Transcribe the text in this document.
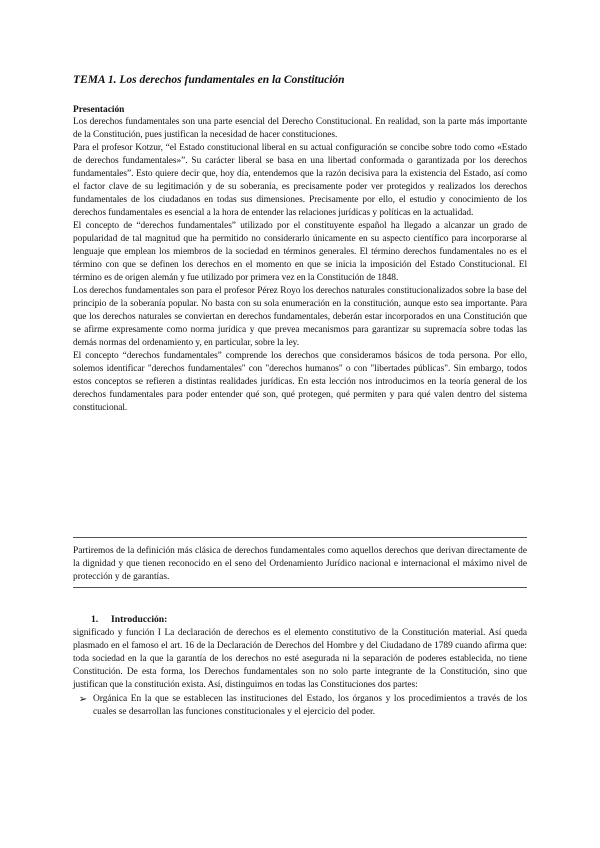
TEMA 1. Los derechos fundamentales en la Constitución
Presentación

Los derechos fundamentales son una parte esencial del Derecho Constitucional. En realidad, son la parte más importante de la Constitución, pues justifican la necesidad de hacer constituciones.

Para el profesor Kotzur, “el Estado constitucional liberal en su actual configuración se concibe sobre todo como «Estado de derechos fundamentales»”. Su carácter liberal se basa en una libertad conformada o garantizada por los derechos fundamentales”. Esto quiere decir que, hoy día, entendemos que la razón decisiva para la existencia del Estado, así como el factor clave de su legitimación y de su soberanía, es precisamente poder ver protegidos y realizados los derechos fundamentales de los ciudadanos en todas sus dimensiones. Precisamente por ello, el estudio y conocimiento de los derechos fundamentales es esencial a la hora de entender las relaciones jurídicas y políticas en la actualidad.

El concepto de “derechos fundamentales” utilizado por el constituyente español ha llegado a alcanzar un grado de popularidad de tal magnitud que ha permitido no considerarlo únicamente en su aspecto científico para incorporarse al lenguaje que emplean los miembros de la sociedad en términos generales. El término derechos fundamentales no es el término con que se definen los derechos en el momento en que se inicia la imposición del Estado Constitucional. El término es de origen alemán y fue utilizado por primera vez en la Constitución de 1848.

Los derechos fundamentales son para el profesor Pérez Royo los derechos naturales constitucionalizados sobre la base del principio de la soberanía popular. No basta con su sola enumeración en la constitución, aunque esto sea importante. Para que los derechos naturales se conviertan en derechos fundamentales, deberán estar incorporados en una Constitución que se afirme expresamente como norma jurídica y que prevea mecanismos para garantizar su supremacía sobre todas las demás normas del ordenamiento y, en particular, sobre la ley.

El concepto “derechos fundamentales” comprende los derechos que consideramos básicos de toda persona. Por ello, solemos identificar "derechos fundamentales" con "derechos humanos" o con "libertades públicas". Sin embargo, todos estos conceptos se refieren a distintas realidades jurídicas. En esta lección nos introducimos en la teoría general de los derechos fundamentales para poder entender qué son, qué protegen, qué permiten y para qué valen dentro del sistema constitucional.

Partiremos de la definición más clásica de derechos fundamentales como aquellos derechos que derivan directamente de la dignidad y que tienen reconocido en el seno del Ordenamiento Jurídico nacional e internacional el máximo nivel de protección y de garantías.

1.	Introducción:

significado y función I La declaración de derechos es el elemento constitutivo de la Constitución material. Así queda plasmado en el famoso el art. 16 de la Declaración de Derechos del Hombre y del Ciudadano de 1789 cuando afirma que: toda sociedad en la que la garantía de los derechos no esté asegurada ni la separación de poderes establecida, no tiene Constitución. De esta forma, los Derechos fundamentales son no solo parte integrante de la Constitución, sino que justifican que la constitución exista. Así, distinguimos en todas las Constituciones dos partes:

➢ Orgánica En la que se establecen las instituciones del Estado, los órganos y los procedimientos a través de los cuales se desarrollan las funciones constitucionales y el ejercicio del poder.
